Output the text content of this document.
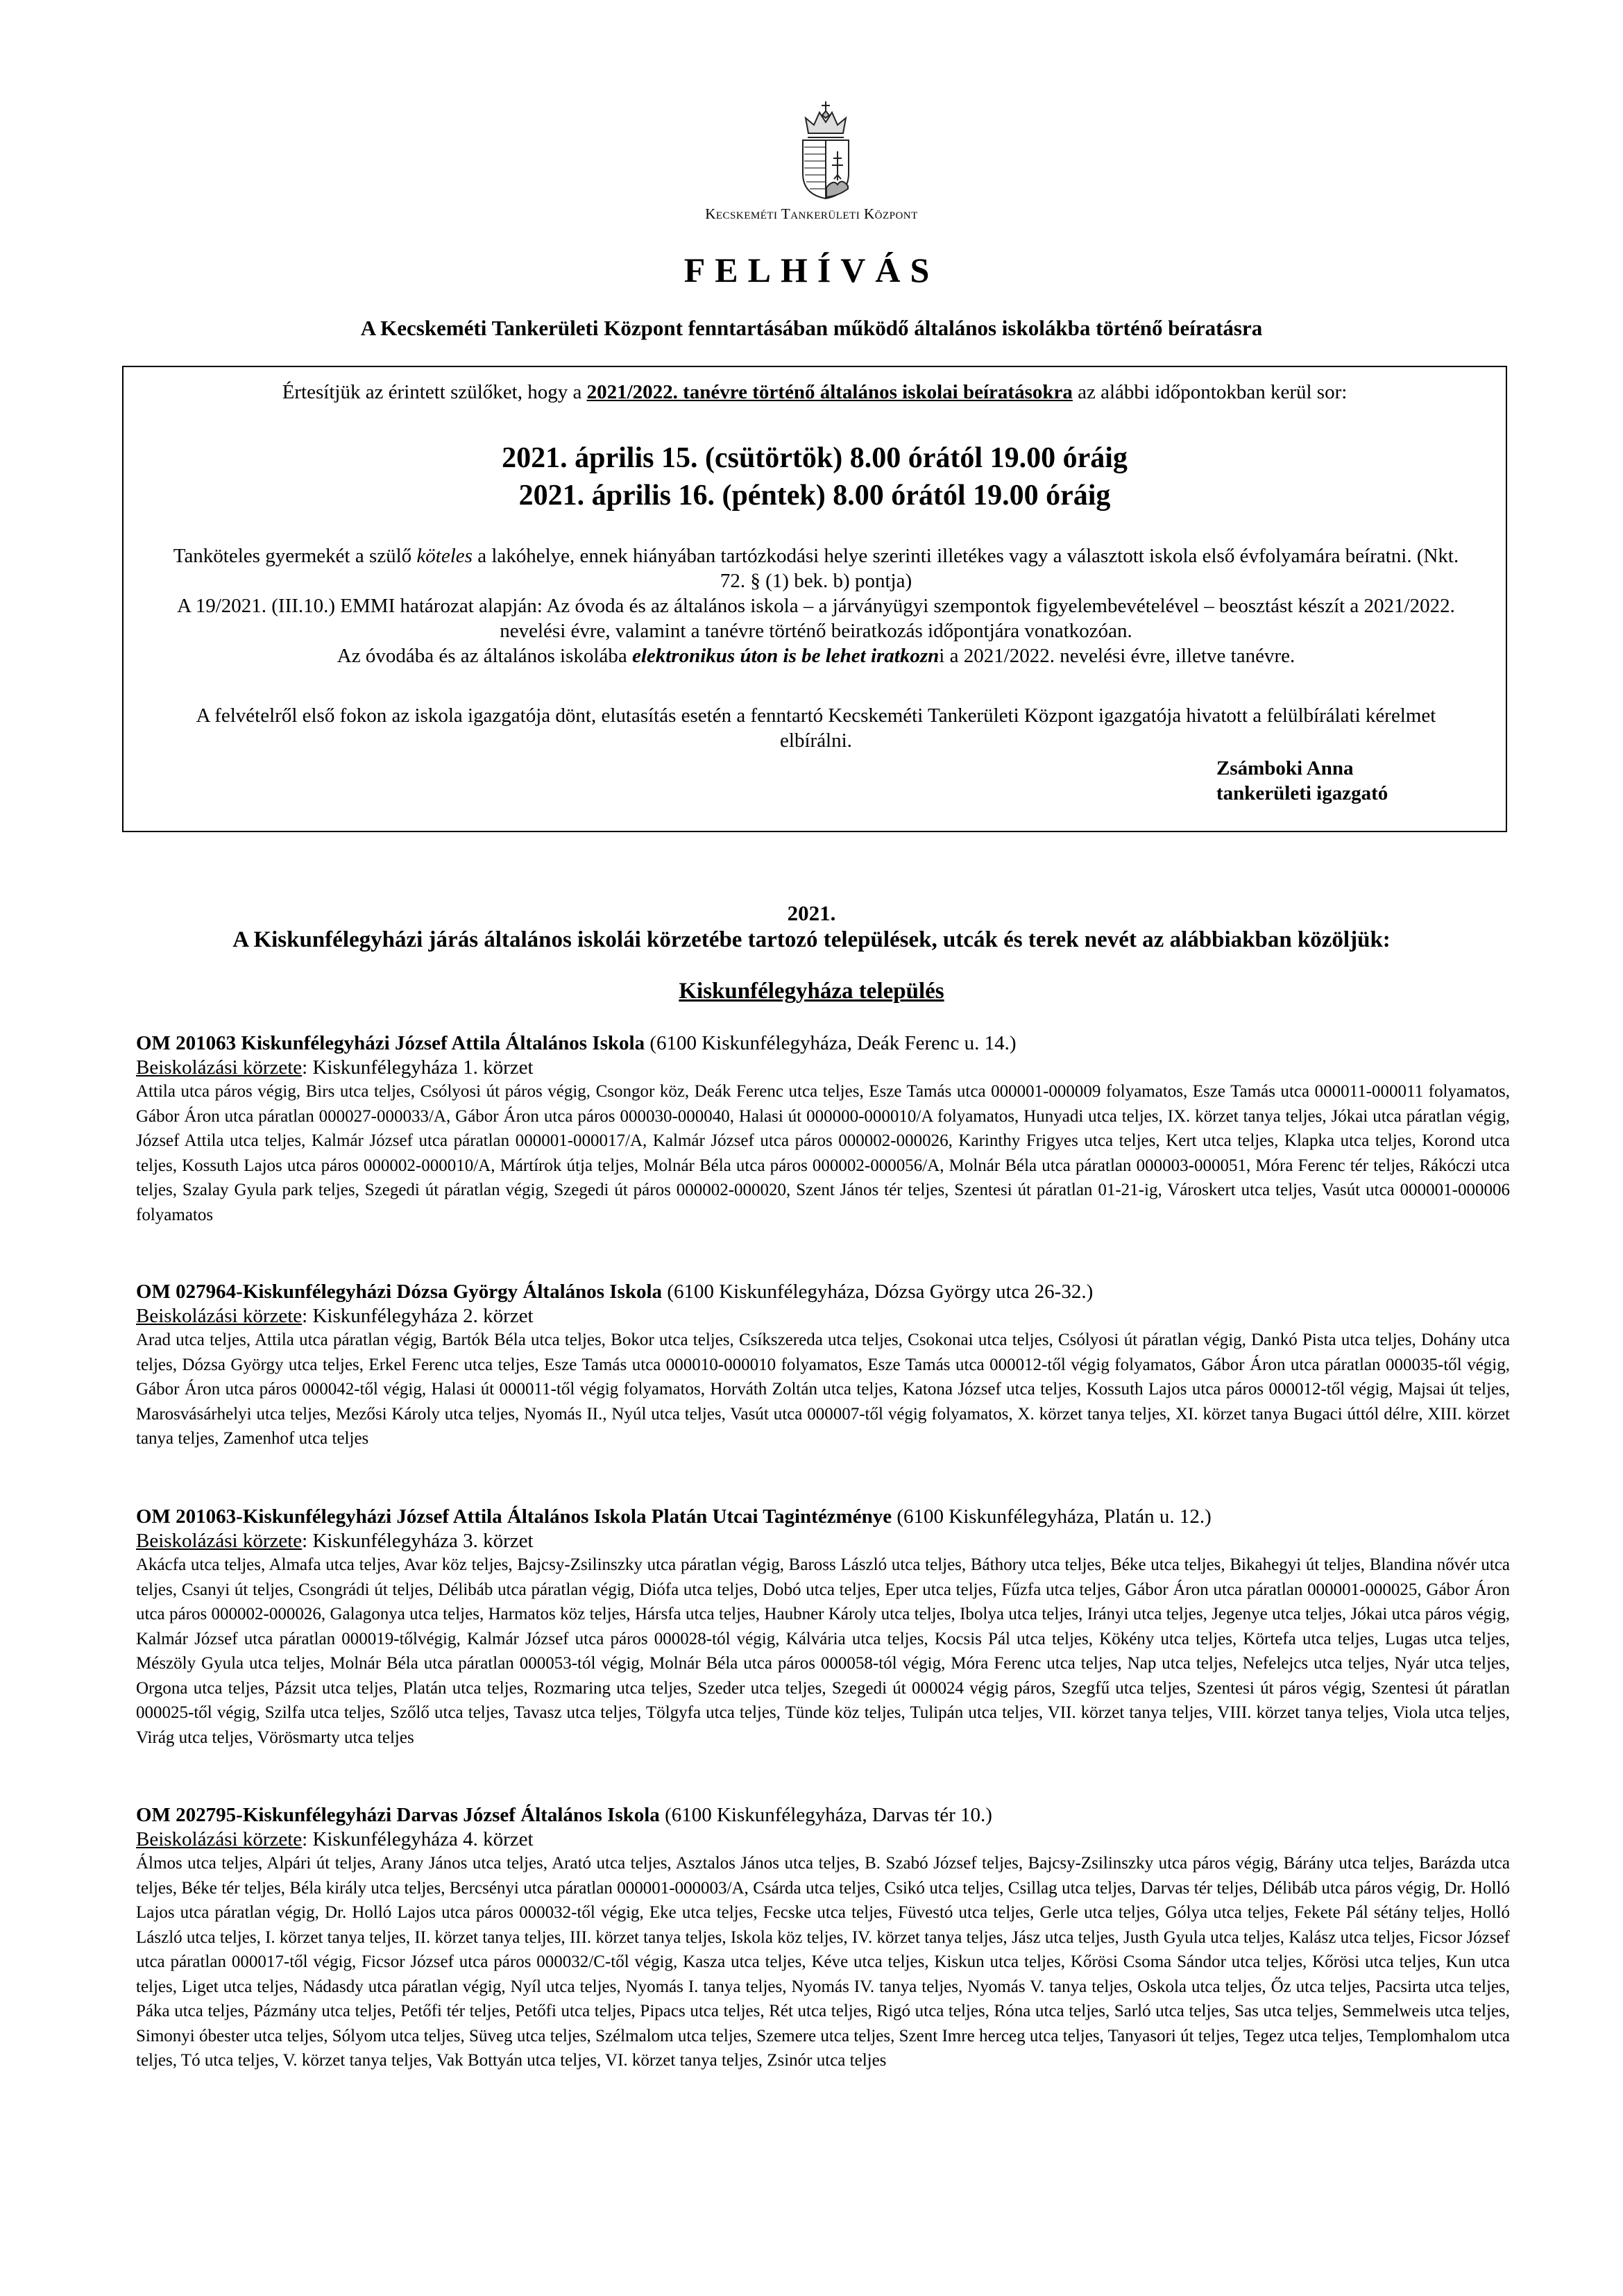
Kecskeméti Tankerületi Központ
FELHÍVÁS
A Kecskeméti Tankerületi Központ fenntartásában működő általános iskolákba történő beíratásra
Értesítjük az érintett szülőket, hogy a 2021/2022. tanévre történő általános iskolai beíratásokra az alábbi időpontokban kerül sor:
2021. április 15. (csütörtök) 8.00 órától 19.00 óráig
2021. április 16. (péntek) 8.00 órától 19.00 óráig
Tanköteles gyermekét a szülő köteles a lakóhelye, ennek hiányában tartózkodási helye szerinti illetékes vagy a választott iskola első évfolyamára beíratni. (Nkt. 72. § (1) bek. b) pontja)
A 19/2021. (III.10.) EMMI határozat alapján: Az óvoda és az általános iskola – a járványügyi szempontok figyelembevételével – beosztást készít a 2021/2022. nevelési évre, valamint a tanévre történő beiratkozás időpontjára vonatkozóan.
Az óvodába és az általános iskolába elektronikus úton is be lehet iratkozni a 2021/2022. nevelési évre, illetve tanévre.
A felvételről első fokon az iskola igazgatója dönt, elutasítás esetén a fenntartó Kecskeméti Tankerületi Központ igazgatója hivatott a felülbírálati kérelmet elbírálni.
Zsámboki Anna
tankerületi igazgató
2021.
A Kiskunfélegyházi járás általános iskolái körzetébe tartozó települések, utcák és terek nevét az alábbiakban közöljük:
Kiskunfélegyháza település
OM 201063 Kiskunfélegyházi József Attila Általános Iskola (6100 Kiskunfélegyháza, Deák Ferenc u. 14.)
Beiskolázási körzete: Kiskunfélegyháza 1. körzet
Attila utca páros végig, Birs utca teljes, Csólyosi út páros végig, Csongor köz, Deák Ferenc utca teljes, Esze Tamás utca 000001-000009 folyamatos, Esze Tamás utca 000011-000011 folyamatos, Gábor Áron utca páratlan 000027-000033/A, Gábor Áron utca páros 000030-000040, Halasi út 000000-000010/A folyamatos, Hunyadi utca teljes, IX. körzet tanya teljes, Jókai utca páratlan végig, József Attila utca teljes, Kalmár József utca páratlan 000001-000017/A, Kalmár József utca páros 000002-000026, Karinthy Frigyes utca teljes, Kert utca teljes, Klapka utca teljes, Korond utca teljes, Kossuth Lajos utca páros 000002-000010/A, Mártírok útja teljes, Molnár Béla utca páros 000002-000056/A, Molnár Béla utca páratlan 000003-000051, Móra Ferenc tér teljes, Rákóczi utca teljes, Szalay Gyula park teljes, Szegedi út páratlan végig, Szegedi út páros 000002-000020, Szent János tér teljes, Szentesi út páratlan 01-21-ig, Városkert utca teljes, Vasút utca 000001-000006 folyamatos
OM 027964-Kiskunfélegyházi Dózsa György Általános Iskola (6100 Kiskunfélegyháza, Dózsa György utca 26-32.)
Beiskolázási körzete: Kiskunfélegyháza 2. körzet
Arad utca teljes, Attila utca páratlan végig, Bartók Béla utca teljes, Bokor utca teljes, Csíkszereda utca teljes, Csokonai utca teljes, Csólyosi út páratlan végig, Dankó Pista utca teljes, Dohány utca teljes, Dózsa György utca teljes, Erkel Ferenc utca teljes, Esze Tamás utca 000010-000010 folyamatos, Esze Tamás utca 000012-től végig folyamatos, Gábor Áron utca páratlan 000035-től végig, Gábor Áron utca páros 000042-től végig, Halasi út 000011-től végig folyamatos, Horváth Zoltán utca teljes, Katona József utca teljes, Kossuth Lajos utca páros 000012-től végig, Majsai út teljes, Marosvásárhelyi utca teljes, Mezősi Károly utca teljes, Nyomás II., Nyúl utca teljes, Vasút utca 000007-től végig folyamatos, X. körzet tanya teljes, XI. körzet tanya Bugaci úttól délre, XIII. körzet tanya teljes, Zamenhof utca teljes
OM 201063-Kiskunfélegyházi József Attila Általános Iskola Platán Utcai Tagintézménye (6100 Kiskunfélegyháza, Platán u. 12.)
Beiskolázási körzete: Kiskunfélegyháza 3. körzet
Akácfa utca teljes, Almafa utca teljes, Avar köz teljes, Bajcsy-Zsilinszky utca páratlan végig, Baross László utca teljes, Báthory utca teljes, Béke utca teljes, Bikahegyi út teljes, Blandina nővér utca teljes, Csanyi út teljes, Csongrádi út teljes, Délibáb utca páratlan végig, Diófa utca teljes, Dobó utca teljes, Eper utca teljes, Fűzfa utca teljes, Gábor Áron utca páratlan 000001-000025, Gábor Áron utca páros 000002-000026, Galagonya utca teljes, Harmatos köz teljes, Hársfa utca teljes, Haubner Károly utca teljes, Ibolya utca teljes, Irányi utca teljes, Jegenye utca teljes, Jókai utca páros végig, Kalmár József utca páratlan 000019-tőlvégig, Kalmár József utca páros 000028-tól végig, Kálvária utca teljes, Kocsis Pál utca teljes, Kökény utca teljes, Körtefa utca teljes, Lugas utca teljes, Mészöly Gyula utca teljes, Molnár Béla utca páratlan 000053-tól végig, Molnár Béla utca páros 000058-tól végig, Móra Ferenc utca teljes, Nap utca teljes, Nefelejcs utca teljes, Nyár utca teljes, Orgona utca teljes, Pázsit utca teljes, Platán utca teljes, Rozmaring utca teljes, Szeder utca teljes, Szegedi út 000024 végig páros, Szegfű utca teljes, Szentesi út páros végig, Szentesi út páratlan 000025-től végig, Szilfa utca teljes, Szőlő utca teljes, Tavasz utca teljes, Tölgyfa utca teljes, Tünde köz teljes, Tulipán utca teljes, VII. körzet tanya teljes, VIII. körzet tanya teljes, Viola utca teljes, Virág utca teljes, Vörösmarty utca teljes
OM 202795-Kiskunfélegyházi Darvas József Általános Iskola (6100 Kiskunfélegyháza, Darvas tér 10.)
Beiskolázási körzete: Kiskunfélegyháza 4. körzet
Álmos utca teljes, Alpári út teljes, Arany János utca teljes, Arató utca teljes, Asztalos János utca teljes, B. Szabó József teljes, Bajcsy-Zsilinszky utca páros végig, Bárány utca teljes, Barázda utca teljes, Béke tér teljes, Béla király utca teljes, Bercsényi utca páratlan 000001-000003/A, Csárda utca teljes, Csikó utca teljes, Csillag utca teljes, Darvas tér teljes, Délibáb utca páros végig, Dr. Holló Lajos utca páratlan végig, Dr. Holló Lajos utca páros 000032-től végig, Eke utca teljes, Fecske utca teljes, Füvestó utca teljes, Gerle utca teljes, Gólya utca teljes, Fekete Pál sétány teljes, Holló László utca teljes, I. körzet tanya teljes, II. körzet tanya teljes, III. körzet tanya teljes, Iskola köz teljes, IV. körzet tanya teljes, Jász utca teljes, Justh Gyula utca teljes, Kalász utca teljes, Ficsor József utca páratlan 000017-től végig, Ficsor József utca páros 000032/C-től végig, Kasza utca teljes, Kéve utca teljes, Kiskun utca teljes, Kőrösi Csoma Sándor utca teljes, Kőrösi utca teljes, Kun utca teljes, Liget utca teljes, Nádasdy utca páratlan végig, Nyíl utca teljes, Nyomás I. tanya teljes, Nyomás IV. tanya teljes, Nyomás V. tanya teljes, Oskola utca teljes, Őz utca teljes, Pacsirta utca teljes, Páka utca teljes, Pázmány utca teljes, Petőfi tér teljes, Petőfi utca teljes, Pipacs utca teljes, Rét utca teljes, Rigó utca teljes, Róna utca teljes, Sarló utca teljes, Sas utca teljes, Semmelweis utca teljes, Simonyi óbester utca teljes, Sólyom utca teljes, Süveg utca teljes, Szélmalom utca teljes, Szemere utca teljes, Szent Imre herceg utca teljes, Tanyasori út teljes, Tegez utca teljes, Templomhalom utca teljes, Tó utca teljes, V. körzet tanya teljes, Vak Bottyán utca teljes, VI. körzet tanya teljes, Zsinór utca teljes
